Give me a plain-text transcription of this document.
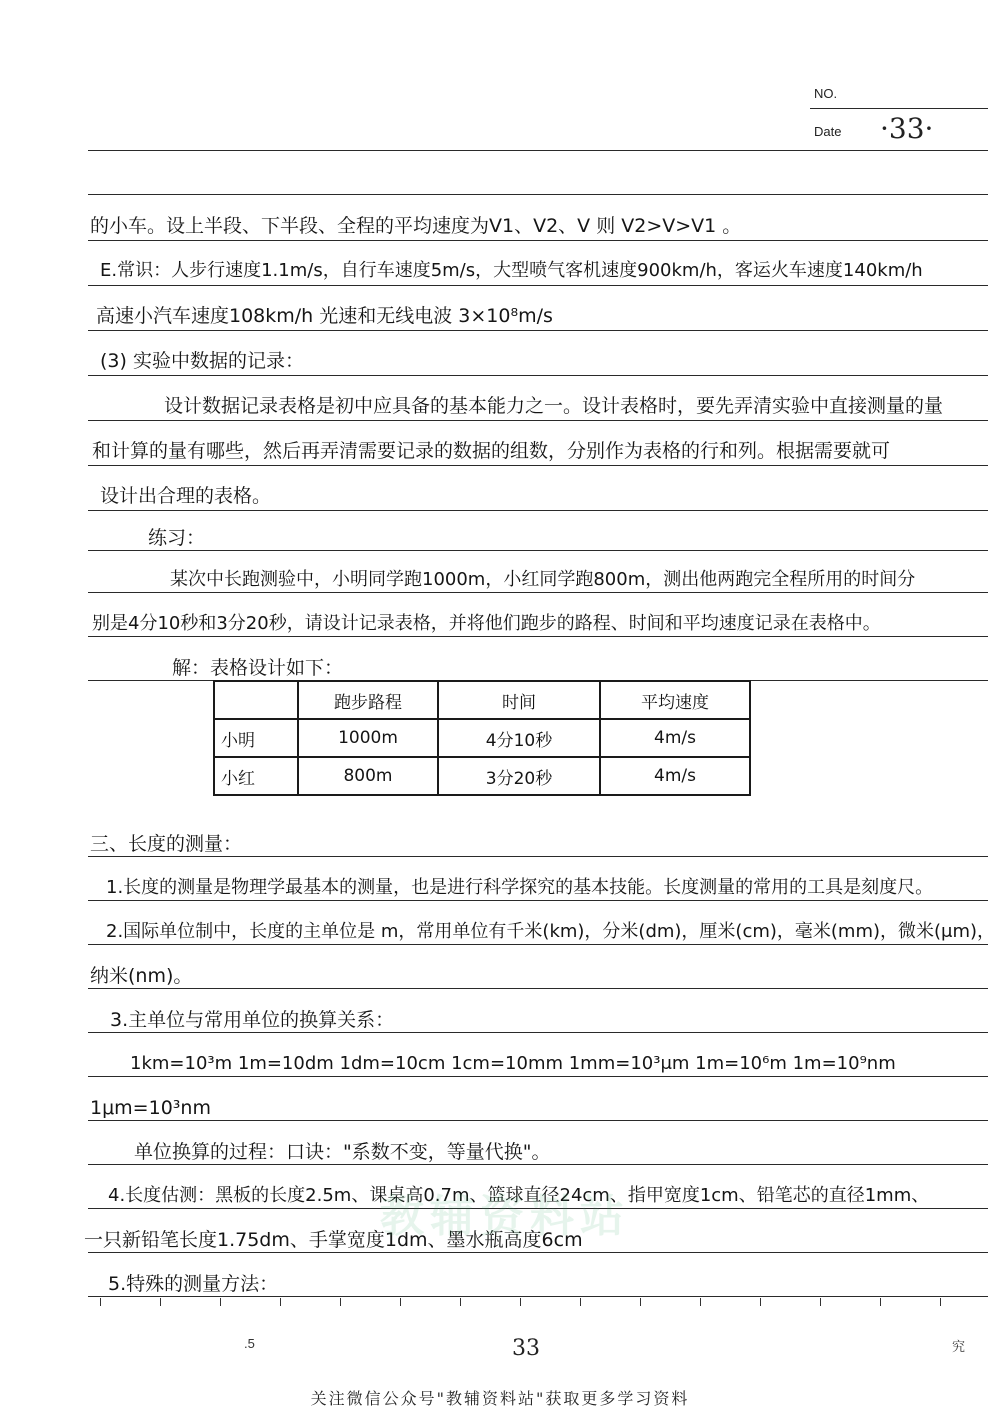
NO.
Date ·33·
的小车。设上半段、下半段、全程的平均速度为V1、V2、V 则 V2>V>V1 。
E.常识：人步行速度1.1m/s，自行车速度5m/s，大型喷气客机速度900km/h，客运火车速度140km/h
高速小汽车速度108km/h 光速和无线电波 3×10⁸m/s
(3) 实验中数据的记录：
设计数据记录表格是初中应具备的基本能力之一。设计表格时，要先弄清实验中直接测量的量
和计算的量有哪些，然后再弄清需要记录的数据的组数，分别作为表格的行和列。根据需要就可
设计出合理的表格。
练习：
某次中长跑测验中，小明同学跑1000m，小红同学跑800m，测出他两跑完全程所用的时间分
别是4分10秒和3分20秒，请设计记录表格，并将他们跑步的路程、时间和平均速度记录在表格中。
解：表格设计如下：
	跑步路程	时间	平均速度
小明	1000m	4分10秒	4m/s
小红	800m	3分20秒	4m/s
三、长度的测量：
1.长度的测量是物理学最基本的测量，也是进行科学探究的基本技能。长度测量的常用的工具是刻度尺。
2.国际单位制中，长度的主单位是 m，常用单位有千米(km)，分米(dm)，厘米(cm)，毫米(mm)，微米(μm)，
纳米(nm)。
3.主单位与常用单位的换算关系：
1km=10³m 1m=10dm 1dm=10cm 1cm=10mm 1mm=10³μm 1m=10⁶m 1m=10⁹nm
1μm=10³nm
单位换算的过程：口诀："系数不变，等量代换"。
4.长度估测：黑板的长度2.5m、课桌高0.7m、篮球直径24cm、指甲宽度1cm、铅笔芯的直径1mm、
一只新铅笔长度1.75dm、手掌宽度1dm、墨水瓶高度6cm
5.特殊的测量方法：
教辅资料站
.5	33	究
关注微信公众号"教辅资料站"获取更多学习资料
